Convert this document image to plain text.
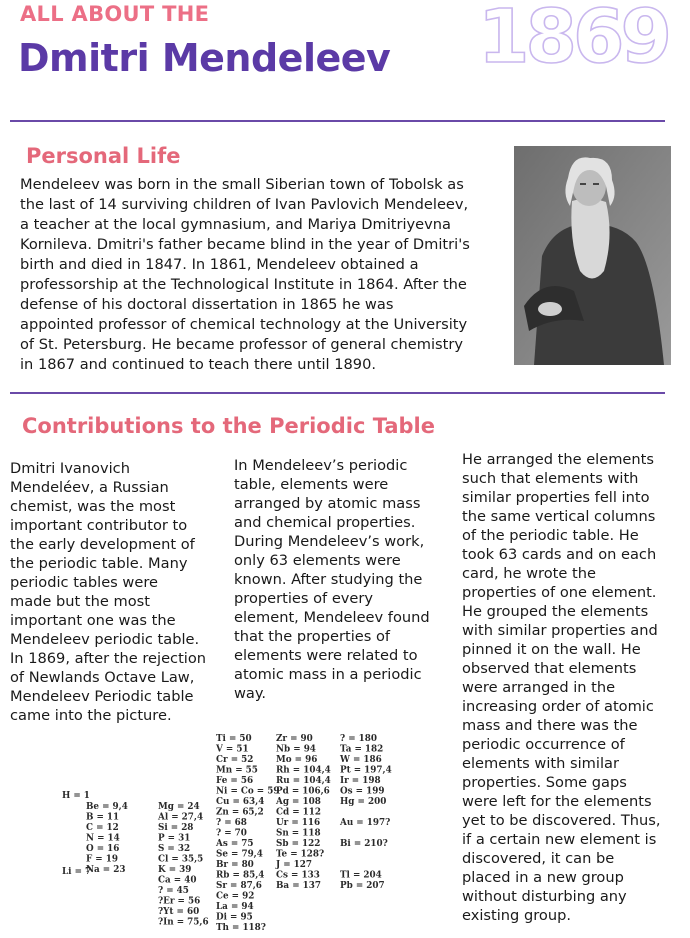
ALL ABOUT THE
Dmitri Mendeleev 1869
Personal Life
Mendeleev was born in the small Siberian town of Tobolsk as
the last of 14 surviving children of Ivan Pavlovich Mendeleev,
a teacher at the local gymnasium, and Mariya Dmitriyevna
Kornileva. Dmitri's father became blind in the year of Dmitri's
birth and died in 1847. In 1861, Mendeleev obtained a
professorship at the Technological Institute in 1864. After the
defense of his doctoral dissertation in 1865 he was
appointed professor of chemical technology at the University
of St. Petersburg. He became professor of general chemistry
in 1867 and continued to teach there until 1890.
Contributions to the Periodic Table
Dmitri Ivanovich
Mendeléev, a Russian
chemist, was the most
important contributor to
the early development of
the periodic table. Many
periodic tables were
made but the most
important one was the
Mendeleev periodic table.
In 1869, after the rejection
of Newlands Octave Law,
Mendeleev Periodic table
came into the picture.
In Mendeleev’s periodic
table, elements were
arranged by atomic mass
and chemical properties.
During Mendeleev’s work,
only 63 elements were
known. After studying the
properties of every
element, Mendeleev found
that the properties of
elements were related to
atomic mass in a periodic
way.
He arranged the elements
such that elements with
similar properties fell into
the same vertical columns
of the periodic table. He
took 63 cards and on each
card, he wrote the
properties of one element.
He grouped the elements
with similar properties and
pinned it on the wall. He
observed that elements
were arranged in the
increasing order of atomic
mass and there was the
periodic occurrence of
elements with similar
properties. Some gaps
were left for the elements
yet to be discovered. Thus,
if a certain new element is
discovered, it can be
placed in a new group
without disturbing any
existing group.
H = 1
Li = 7
Be = 9,4
B = 11
C = 12
N = 14
O = 16
F = 19
Na = 23
Mg = 24
Al = 27,4
Si = 28
P = 31
S = 32
Cl = 35,5
K = 39
Ca = 40
? = 45
?Er = 56
?Yt = 60
?In = 75,6
Ti = 50
V = 51
Cr = 52
Mn = 55
Fe = 56
Ni = Co = 59
Cu = 63,4
Zn = 65,2
? = 68
? = 70
As = 75
Se = 79,4
Br = 80
Rb = 85,4
Sr = 87,6
Ce = 92
La = 94
Di = 95
Th = 118?
Zr = 90
Nb = 94
Mo = 96
Rh = 104,4
Ru = 104,4
Pd = 106,6
Ag = 108
Cd = 112
Ur = 116
Sn = 118
Sb = 122
Te = 128?
J = 127
Cs = 133
Ba = 137
? = 180
Ta = 182
W = 186
Pt = 197,4
Ir = 198
Os = 199
Hg = 200
Au = 197?
Bi = 210?
Tl = 204
Pb = 207
